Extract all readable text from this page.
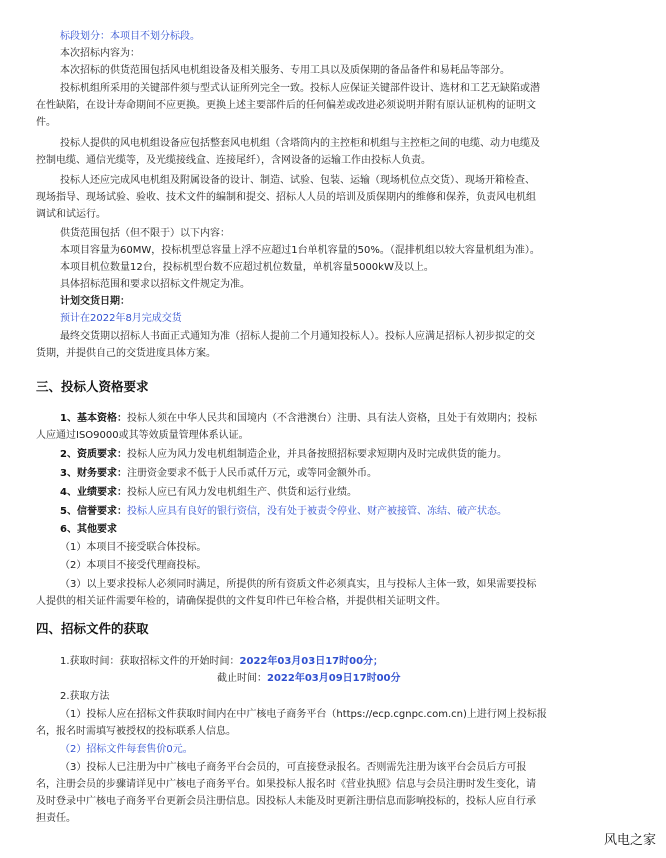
标段划分：本项目不划分标段。
本次招标内容为：
本次招标的供货范围包括风电机组设备及相关服务、专用工具以及质保期的备品备件和易耗品等部分。
投标机组所采用的关键部件须与型式认证所列完全一致。投标人应保证关键部件设计、选材和工艺无缺陷或潜
在性缺陷，在设计寿命期间不应更换。更换上述主要部件后的任何偏差或改进必须说明并附有原认证机构的证明文
件。
投标人提供的风电机组设备应包括整套风电机组（含塔筒内的主控柜和机组与主控柜之间的电缆、动力电缆及
控制电缆、通信光缆等，及光缆接线盒、连接尾纤），含网设备的运输工作由投标人负责。
投标人还应完成风电机组及附属设备的设计、制造、试验、包装、运输（现场机位点交货）、现场开箱检查、
现场指导、现场试验、验收、技术文件的编制和提交、招标人人员的培训及质保期内的维修和保养，负责风电机组
调试和试运行。
供货范围包括（但不限于）以下内容：
本项目容量为60MW，投标机型总容量上浮不应超过1台单机容量的50%。（混排机组以较大容量机组为准）。
本项目机位数量12台，投标机型台数不应超过机位数量，单机容量5000kW及以上。
具体招标范围和要求以招标文件规定为准。
计划交货日期：
预计在2022年8月完成交货
最终交货期以招标人书面正式通知为准（招标人提前二个月通知投标人）。投标人应满足招标人初步拟定的交
货期，并提供自己的交货进度具体方案。
三、投标人资格要求
1、基本资格：投标人须在中华人民共和国境内（不含港澳台）注册、具有法人资格，且处于有效期内；投标
人应通过ISO9000或其等效质量管理体系认证。
2、资质要求：投标人应为风力发电机组制造企业，并具备按照招标要求短期内及时完成供货的能力。
3、财务要求：注册资金要求不低于人民币贰仟万元，或等同金额外币。
4、业绩要求：投标人应已有风力发电机组生产、供货和运行业绩。
5、信誉要求：投标人应具有良好的银行资信，没有处于被责令停业、财产被接管、冻结、破产状态。
6、其他要求
（1）本项目不接受联合体投标。
（2）本项目不接受代理商投标。
（3）以上要求投标人必须同时满足，所提供的所有资质文件必须真实，且与投标人主体一致，如果需要投标
人提供的相关证件需要年检的，请确保提供的文件复印件已年检合格，并提供相关证明文件。
四、招标文件的获取
1.获取时间：获取招标文件的开始时间：2022年03月03日17时00分；
截止时间：2022年03月09日17时00分
2.获取方法
（1）投标人应在招标文件获取时间内在中广核电子商务平台（https://ecp.cgnpc.com.cn)上进行网上投标报
名，报名时需填写被授权的投标联系人信息。
（2）招标文件每套售价0元。
（3）投标人已注册为中广核电子商务平台会员的，可直接登录报名。否则需先注册为该平台会员后方可报
名，注册会员的步骤请详见中广核电子商务平台。如果投标人报名时《营业执照》信息与会员注册时发生变化，请
及时登录中广核电子商务平台更新会员注册信息。因投标人未能及时更新注册信息而影响投标的，投标人应自行承
担责任。
风电之家
